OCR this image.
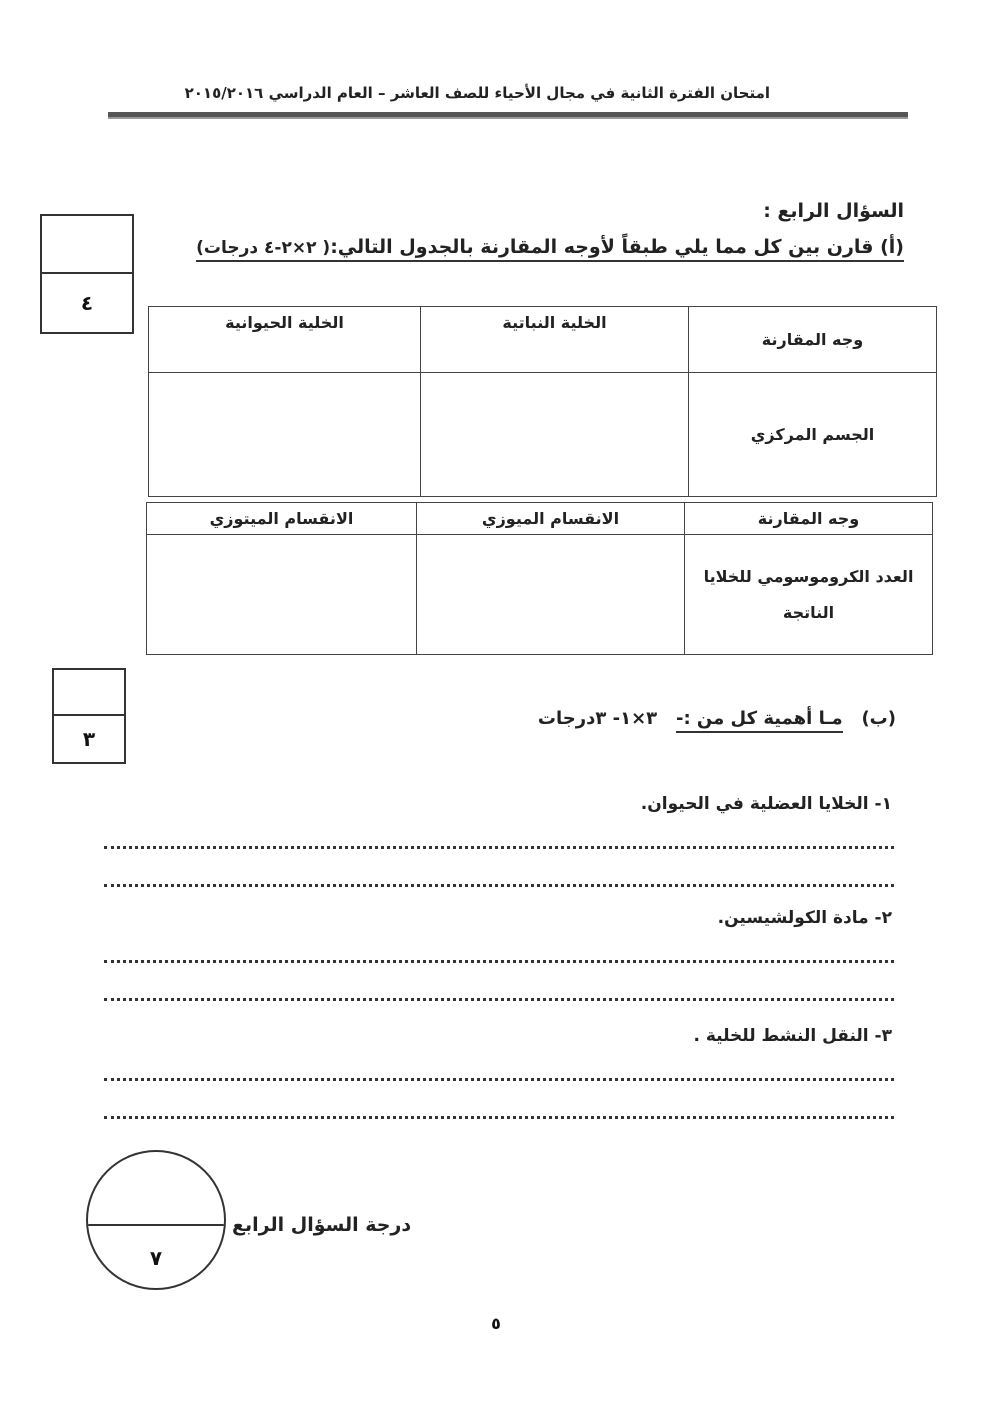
امتحان الفترة الثانية في مجال الأحياء للصف العاشر – العام الدراسي ٢٠١٥/٢٠١٦
٤
السؤال الرابع :
(أ) قارن بين كل مما يلي طبقاً لأوجه المقارنة بالجدول التالي:( ٢×٢-٤ درجات)
وجه المقارنة	الخلية النباتية	الخلية الحيوانية
الجسم المركزي		
وجه المقارنة	الانقسام الميوزي	الانقسام الميتوزي
العدد الكروموسومي للخلايا الناتجة		
٣
(ب)   مـا أهمية كل من :-   ٣×١- ٣درجات
١- الخلايا العضلية في الحيوان.
٢- مادة الكولشيسين.
٣- النقل النشط للخلية .
٧
درجة السؤال الرابع
٥
